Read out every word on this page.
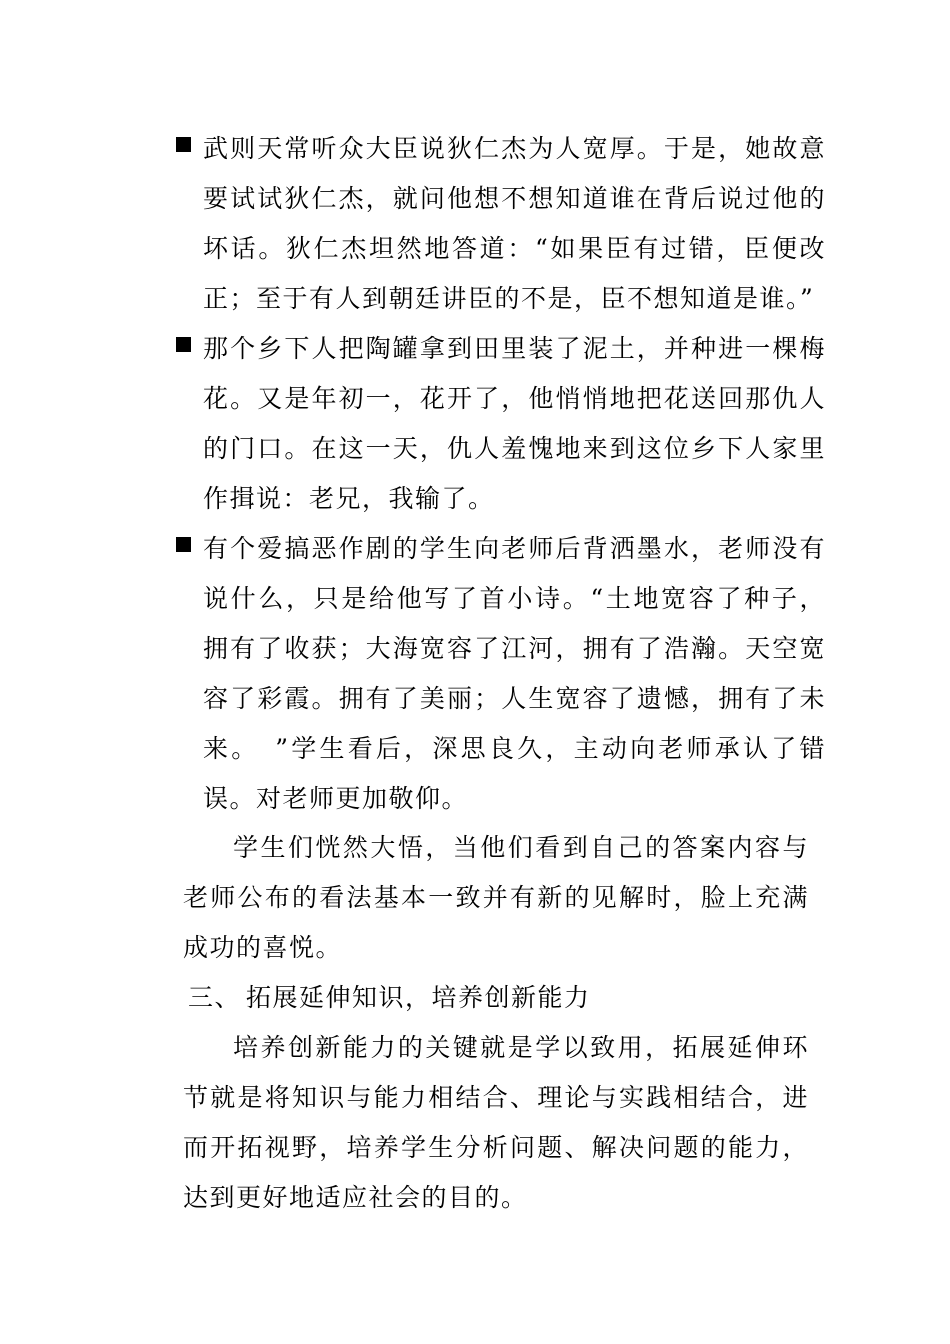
武则天常听众大臣说狄仁杰为人宽厚。于是，她故意要试试狄仁杰，就问他想不想知道谁在背后说过他的坏话。狄仁杰坦然地答道：“如果臣有过错，臣便改正；至于有人到朝廷讲臣的不是，臣不想知道是谁。”
那个乡下人把陶罐拿到田里装了泥土，并种进一棵梅花。又是年初一，花开了，他悄悄地把花送回那仇人的门口。在这一天，仇人羞愧地来到这位乡下人家里作揖说：老兄，我输了。
有个爱搞恶作剧的学生向老师后背洒墨水，老师没有说什么，只是给他写了首小诗。“土地宽容了种子，拥有了收获；大海宽容了江河，拥有了浩瀚。天空宽容了彩霞。拥有了美丽；人生宽容了遗憾，拥有了未来。　”学生看后，深思良久，主动向老师承认了错误。对老师更加敬仰。

学生们恍然大悟，当他们看到自己的答案内容与老师公布的看法基本一致并有新的见解时，脸上充满成功的喜悦。

三、 拓展延伸知识，培养创新能力

培养创新能力的关键就是学以致用，拓展延伸环节就是将知识与能力相结合、理论与实践相结合，进而开拓视野，培养学生分析问题、解决问题的能力，达到更好地适应社会的目的。
